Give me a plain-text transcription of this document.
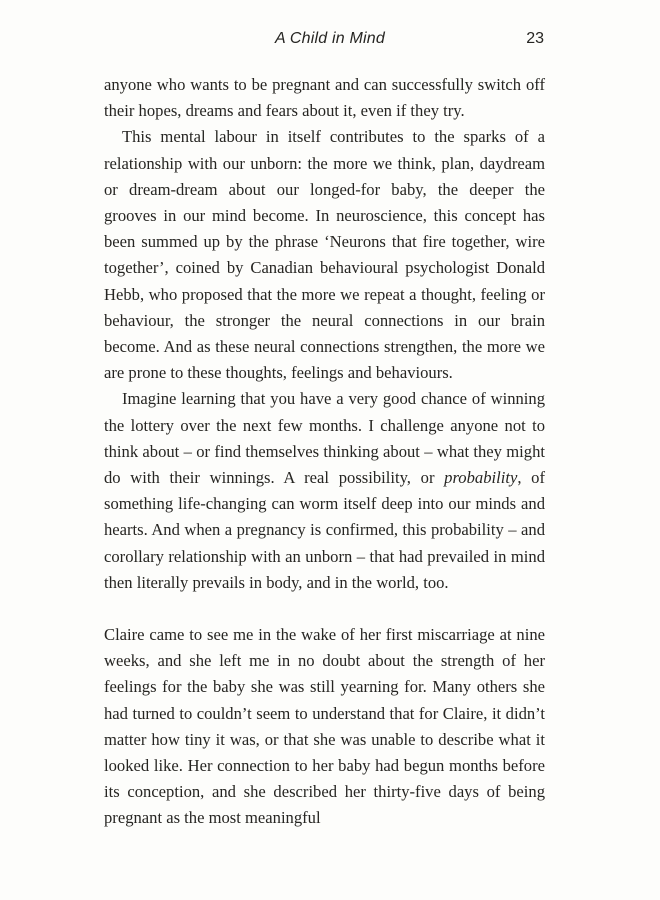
A Child in Mind	23

anyone who wants to be pregnant and can successfully switch off their hopes, dreams and fears about it, even if they try.

This mental labour in itself contributes to the sparks of a relationship with our unborn: the more we think, plan, daydream or dream-dream about our longed-for baby, the deeper the grooves in our mind become. In neuroscience, this concept has been summed up by the phrase ‘Neurons that fire together, wire together’, coined by Canadian behavioural psychologist Donald Hebb, who proposed that the more we repeat a thought, feeling or behaviour, the stronger the neural connections in our brain become. And as these neural connections strengthen, the more we are prone to these thoughts, feelings and behaviours.

Imagine learning that you have a very good chance of winning the lottery over the next few months. I challenge anyone not to think about – or find themselves thinking about – what they might do with their winnings. A real possibility, or probability, of something life-changing can worm itself deep into our minds and hearts. And when a pregnancy is confirmed, this probability – and corollary relationship with an unborn – that had prevailed in mind then literally prevails in body, and in the world, too.

Claire came to see me in the wake of her first miscarriage at nine weeks, and she left me in no doubt about the strength of her feelings for the baby she was still yearning for. Many others she had turned to couldn’t seem to understand that for Claire, it didn’t matter how tiny it was, or that she was unable to describe what it looked like. Her connection to her baby had begun months before its conception, and she described her thirty-five days of being pregnant as the most meaningful
